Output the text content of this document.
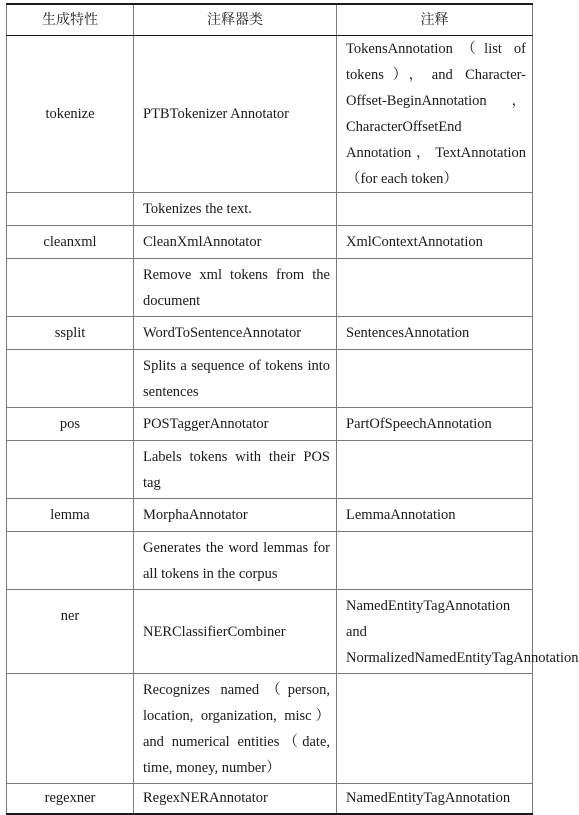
生成特性	注释器类	注释
tokenize	PTBTokenizer Annotator	TokensAnnotation（list of tokens），and Character-Offset-BeginAnnotation，CharacterOffsetEnd Annotation，TextAnnotation（for each token）
	Tokenizes the text.	
cleanxml	CleanXmlAnnotator	XmlContextAnnotation
	Remove xml tokens from the document	
ssplit	WordToSentenceAnnotator	SentencesAnnotation
	Splits a sequence of tokens into sentences	
pos	POSTaggerAnnotator	PartOfSpeechAnnotation
	Labels tokens with their POS tag	
lemma	MorphaAnnotator	LemmaAnnotation
	Generates the word lemmas for all tokens in the corpus	
ner	NERClassifierCombiner	NamedEntityTagAnnotation and NormalizedNamedEntityTagAnnotation
	Recognizes named（person, location, organization, misc）and numerical entities（date, time, money, number）	
regexner	RegexNERAnnotator	NamedEntityTagAnnotation
